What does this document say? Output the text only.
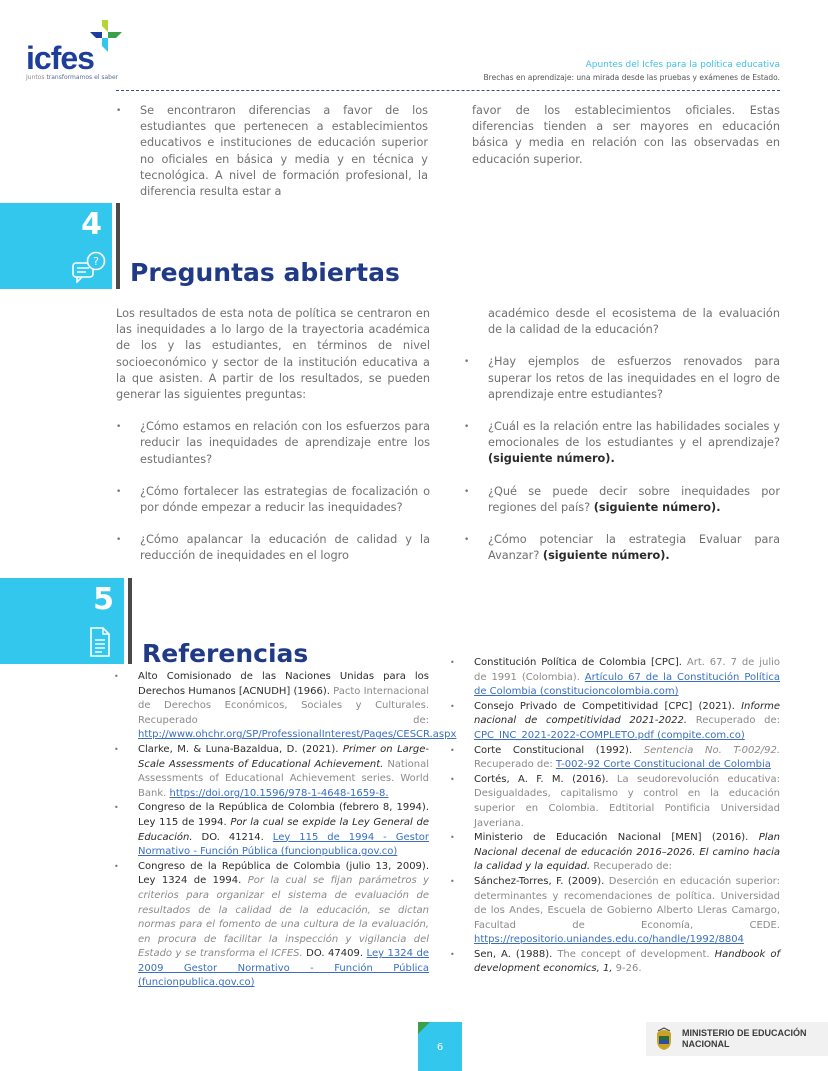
icfes
Juntos transformamos el saber
Apuntes del Icfes para la política educativa
Brechas en aprendizaje: una mirada desde las pruebas y exámenes de Estado.

• Se encontraron diferencias a favor de los estudiantes que pertenecen a establecimientos educativos e instituciones de educación superior no oficiales en básica y media y en técnica y tecnológica. A nivel de formación profesional, la diferencia resulta estar a

favor de los establecimientos oficiales. Estas diferencias tienden a ser mayores en educación básica y media en relación con las observadas en educación superior.

4
? Preguntas abiertas

Los resultados de esta nota de política se centraron en las inequidades a lo largo de la trayectoria académica de los y las estudiantes, en términos de nivel socioeconómico y sector de la institución educativa a la que asisten. A partir de los resultados, se pueden generar las siguientes preguntas:

• ¿Cómo estamos en relación con los esfuerzos para reducir las inequidades de aprendizaje entre los estudiantes?

• ¿Cómo fortalecer las estrategias de focalización o por dónde empezar a reducir las inequidades?

• ¿Cómo apalancar la educación de calidad y la reducción de inequidades en el logro

académico desde el ecosistema de la evaluación de la calidad de la educación?

• ¿Hay ejemplos de esfuerzos renovados para superar los retos de las inequidades en el logro de aprendizaje entre estudiantes?

• ¿Cuál es la relación entre las habilidades sociales y emocionales de los estudiantes y el aprendizaje? (siguiente número).

• ¿Qué se puede decir sobre inequidades por regiones del país? (siguiente número).

• ¿Cómo potenciar la estrategia Evaluar para Avanzar? (siguiente número).

5
Referencias

• Alto Comisionado de las Naciones Unidas para los Derechos Humanos [ACNUDH] (1966). Pacto Internacional de Derechos Económicos, Sociales y Culturales. Recuperado de: http://www.ohchr.org/SP/ProfessionalInterest/Pages/CESCR.aspx

• Clarke, M. & Luna-Bazaldua, D. (2021). Primer on Large-Scale Assessments of Educational Achievement. National Assessments of Educational Achievement series. World Bank. https://doi.org/10.1596/978-1-4648-1659-8.

• Congreso de la República de Colombia (febrero 8, 1994). Ley 115 de 1994. Por la cual se expide la Ley General de Educación. DO. 41214. Ley 115 de 1994 - Gestor Normativo - Función Pública (funcionpublica.gov.co)

• Congreso de la República de Colombia (julio 13, 2009). Ley 1324 de 1994. Por la cual se fijan parámetros y criterios para organizar el sistema de evaluación de resultados de la calidad de la educación, se dictan normas para el fomento de una cultura de la evaluación, en procura de facilitar la inspección y vigilancia del Estado y se transforma el ICFES. DO. 47409. Ley 1324 de 2009 Gestor Normativo - Función Pública (funcionpublica.gov.co)

• Constitución Política de Colombia [CPC]. Art. 67. 7 de julio de 1991 (Colombia). Artículo 67 de la Constitución Política de Colombia (constitucioncolombia.com)

• Consejo Privado de Competitividad [CPC] (2021). Informe nacional de competitividad 2021-2022. Recuperado de: CPC_INC_2021-2022-COMPLETO.pdf (compite.com.co)

• Corte Constitucional (1992). Sentencia No. T-002/92. Recuperado de: T-002-92 Corte Constitucional de Colombia

• Cortés, A. F. M. (2016). La seudorevolución educativa: Desigualdades, capitalismo y control en la educación superior en Colombia. Edtitorial Pontificia Universidad Javeriana.

• Ministerio de Educación Nacional [MEN] (2016). Plan Nacional decenal de educación 2016–2026. El camino hacia la calidad y la equidad. Recuperado de:

• Sánchez-Torres, F. (2009). Deserción en educación superior: determinantes y recomendaciones de política. Universidad de los Andes, Escuela de Gobierno Alberto Lleras Camargo, Facultad de Economía, CEDE. https://repositorio.uniandes.edu.co/handle/1992/8804

• Sen, A. (1988). The concept of development. Handbook of development economics, 1, 9-26.

6
MINISTERIO DE EDUCACIÓN
NACIONAL
